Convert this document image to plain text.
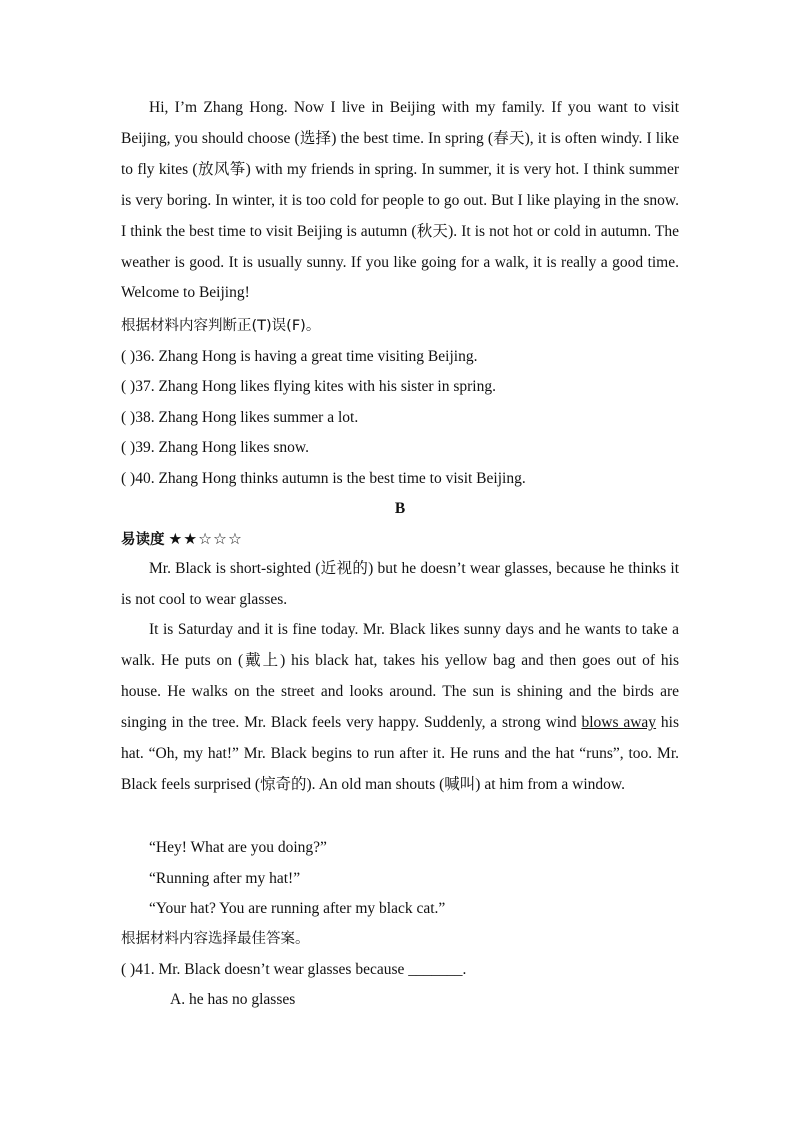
Hi, I’m Zhang Hong. Now I live in Beijing with my family. If you want to visit Beijing, you should choose (选择) the best time. In spring (春天), it is often windy. I like to fly kites (放风筝) with my friends in spring. In summer, it is very hot. I think summer is very boring. In winter, it is too cold for people to go out. But I like playing in the snow. I think the best time to visit Beijing is autumn (秋天). It is not hot or cold in autumn. The weather is good. It is usually sunny. If you like going for a walk, it is really a good time. Welcome to Beijing!

根据材料内容判断正(T)误(F)。

( )36. Zhang Hong is having a great time visiting Beijing.

( )37. Zhang Hong likes flying kites with his sister in spring.

( )38. Zhang Hong likes summer a lot.

( )39. Zhang Hong likes snow.

( )40. Zhang Hong thinks autumn is the best time to visit Beijing.

B

易读度 ★★☆☆☆

Mr. Black is short-sighted (近视的) but he doesn’t wear glasses, because he thinks it is not cool to wear glasses.

It is Saturday and it is fine today. Mr. Black likes sunny days and he wants to take a walk. He puts on (戴上) his black hat, takes his yellow bag and then goes out of his house. He walks on the street and looks around. The sun is shining and the birds are singing in the tree. Mr. Black feels very happy. Suddenly, a strong wind blows away his hat. “Oh, my hat!” Mr. Black begins to run after it. He runs and the hat “runs”, too. Mr. Black feels surprised (惊奇的). An old man shouts (喊叫) at him from a window.

“Hey! What are you doing?”

“Running after my hat!”

“Your hat? You are running after my black cat.”

根据材料内容选择最佳答案。

( )41. Mr. Black doesn’t wear glasses because _______.

A. he has no glasses
